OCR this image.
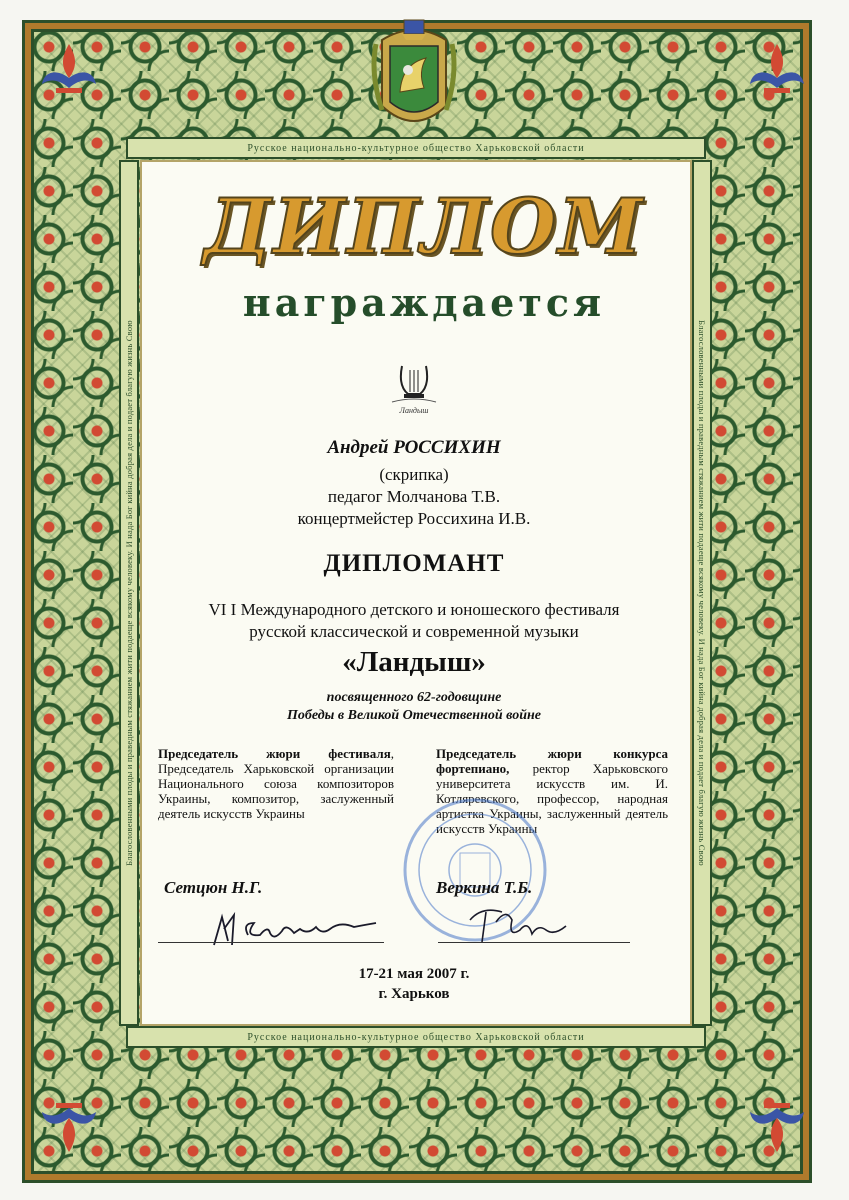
Русское национально-культурное общество Харьковской области
Русское национально-культурное общество Харьковской области
Благословенными плоды и праведным стяжанием жити подаеще всякому человеку. И нада Бог кийна добрая дела и подает благую жизнь Свою	Благословенными плоды и праведным стяжанием жити подаеще всякому человеку. И нада Бог кийна добрая дела и подает благую жизнь Свою
ДИПЛОМ
награждается
Ландыш
Андрей РОССИХИН
(скрипка)
педагог Молчанова Т.В.
концертмейстер Россихина И.В.
ДИПЛОМАНТ
VI I Международного детского и юношеского фестиваля
русской классической и современной музыки
«Ландыш»
посвященного 62-годовщине
Победы в Великой Отечественной войне
Председатель жюри фестиваля, Председатель Харьковской организации Национального союза композиторов Украины, композитор, заслуженный деятель искусств Украины
Председатель жюри конкурса фортепиано, ректор Харьковского университета искусств им. И. Котляревского, профессор, народная артистка Украины, заслуженный деятель искусств Украины
Сетцюн Н.Г.	Веркина Т.Б.
17-21 мая 2007 г.
г. Харьков
